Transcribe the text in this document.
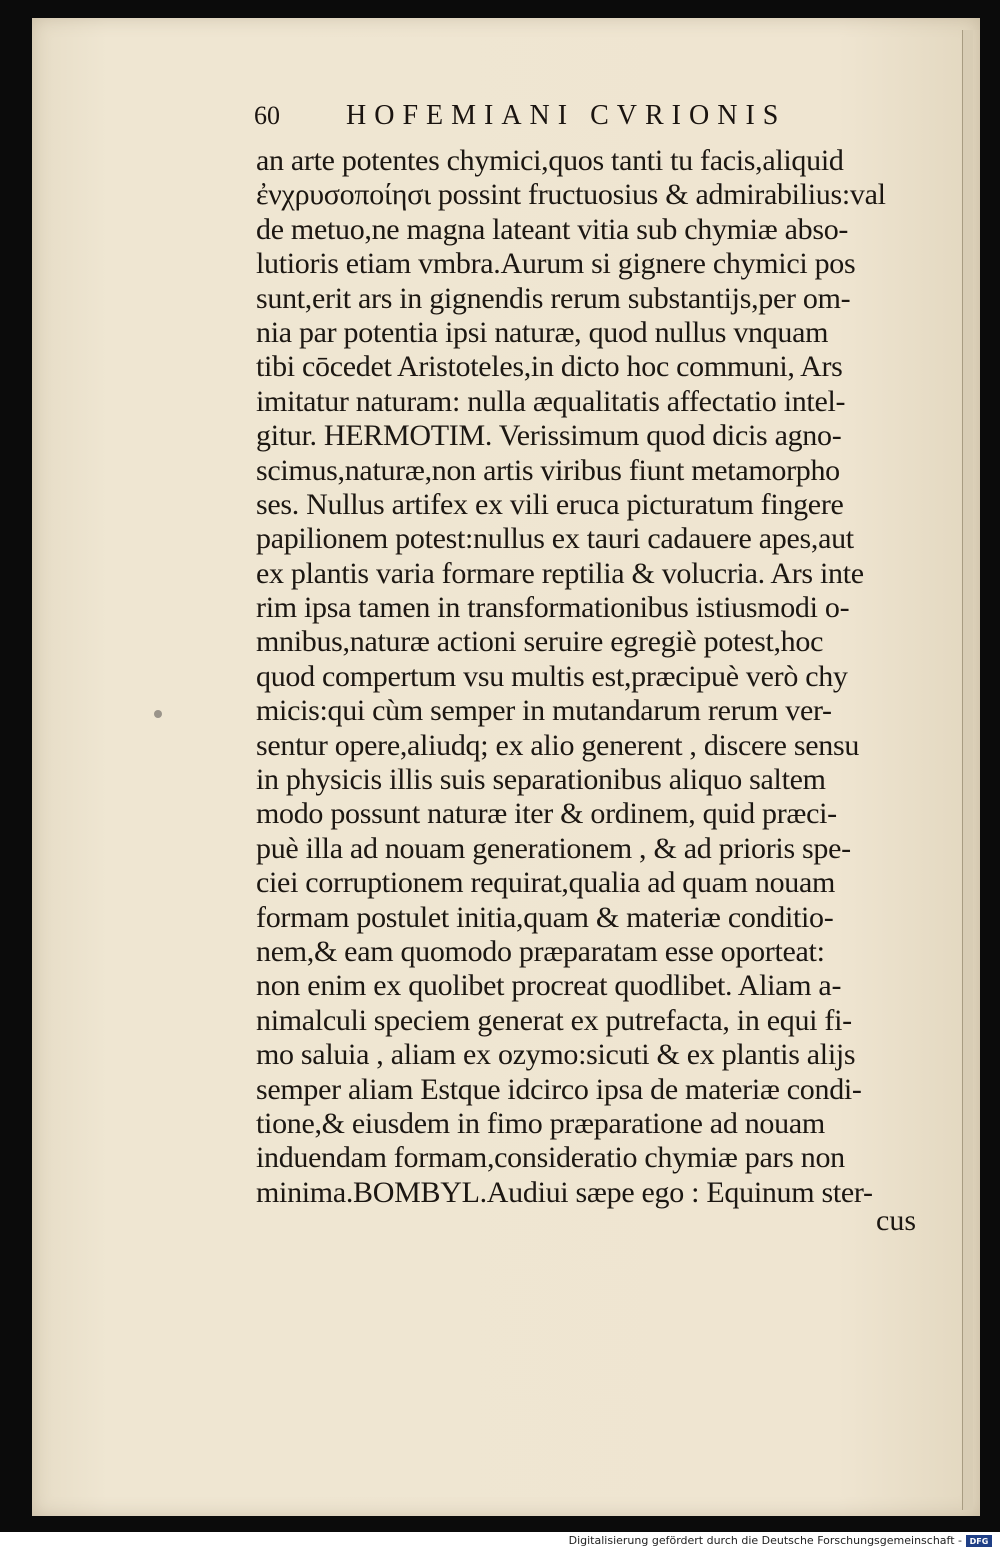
60	HOFEMIANI CVRIONIS
an arte potentes chymici,quos tanti tu facis,aliquid
ἐνχρυσοποίησι possint fructuosius & admirabilius:val
de metuo,ne magna lateant vitia sub chymiæ abso-
lutioris etiam vmbra.Aurum si gignere chymici pos
sunt,erit ars in gignendis rerum substantijs,per om-
nia par potentia ipsi naturæ, quod nullus vnquam
tibi cōcedet Aristoteles,in dicto hoc communi, Ars
imitatur naturam: nulla æqualitatis affectatio intel-
gitur. HERMOTIM. Verissimum quod dicis agno-
scimus,naturæ,non artis viribus fiunt metamorpho
ses. Nullus artifex ex vili eruca picturatum fingere
papilionem potest:nullus ex tauri cadauere apes,aut
ex plantis varia formare reptilia & volucria. Ars inte
rim ipsa tamen in transformationibus istiusmodi o-
mnibus,naturæ actioni seruire egregiè potest,hoc
quod compertum vsu multis est,præcipuè verò chy
micis:qui cùm semper in mutandarum rerum ver-
sentur opere,aliudq; ex alio generent , discere sensu
in physicis illis suis separationibus aliquo saltem
modo possunt naturæ iter & ordinem, quid præci-
puè illa ad nouam generationem , & ad prioris spe-
ciei corruptionem requirat,qualia ad quam nouam
formam postulet initia,quam & materiæ conditio-
nem,& eam quomodo præparatam esse oporteat:
non enim ex quolibet procreat quodlibet. Aliam a-
nimalculi speciem generat ex putrefacta, in equi fi-
mo saluia , aliam ex ozymo:sicuti & ex plantis alijs
semper aliam Estque idcirco ipsa de materiæ condi-
tione,& eiusdem in fimo præparatione ad nouam
induendam formam,consideratio chymiæ pars non
minima.BOMBYL.Audiui sæpe ego : Equinum ster-
cus
Digitalisierung gefördert durch die Deutsche Forschungsgemeinschaft - DFG
